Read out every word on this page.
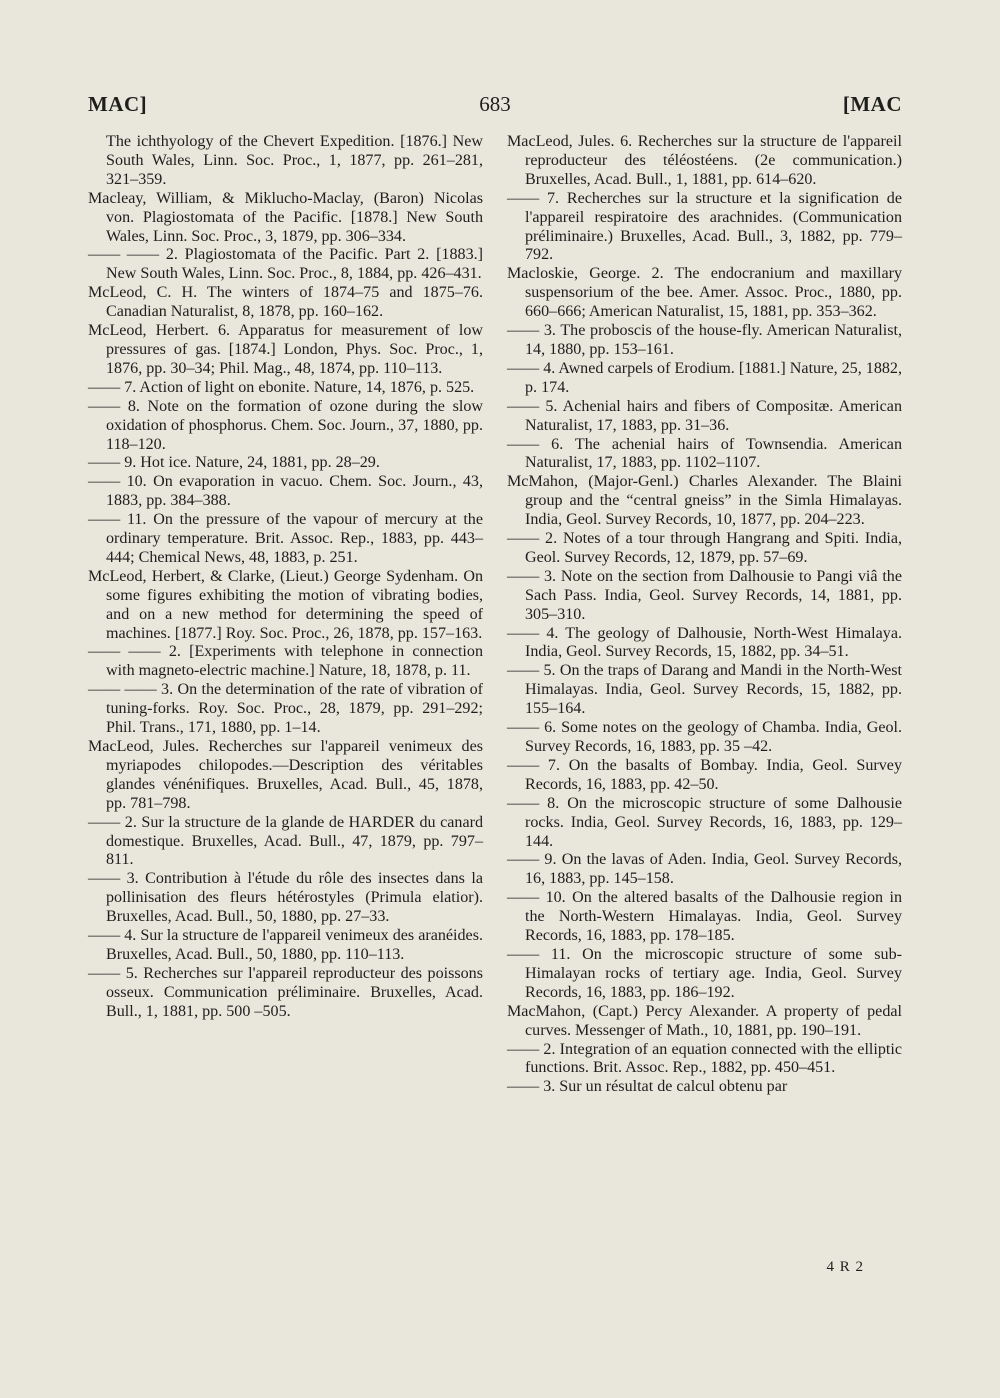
MAC]	683	[MAC

The ichthyology of the Chevert Expedition. [1876.] New South Wales, Linn. Soc. Proc., 1, 1877, pp. 261–281, 321–359.

Macleay, William, & Miklucho-Maclay, (Baron) Nicolas von. Plagiostomata of the Pacific. [1878.] New South Wales, Linn. Soc. Proc., 3, 1879, pp. 306–334.

—— —— 2. Plagiostomata of the Pacific. Part 2. [1883.] New South Wales, Linn. Soc. Proc., 8, 1884, pp. 426–431.

McLeod, C. H. The winters of 1874–75 and 1875–76. Canadian Naturalist, 8, 1878, pp. 160–162.

McLeod, Herbert. 6. Apparatus for measurement of low pressures of gas. [1874.] London, Phys. Soc. Proc., 1, 1876, pp. 30–34; Phil. Mag., 48, 1874, pp. 110–113.

—— 7. Action of light on ebonite. Nature, 14, 1876, p. 525.

—— 8. Note on the formation of ozone during the slow oxidation of phosphorus. Chem. Soc. Journ., 37, 1880, pp. 118–120.

—— 9. Hot ice. Nature, 24, 1881, pp. 28–29.

—— 10. On evaporation in vacuo. Chem. Soc. Journ., 43, 1883, pp. 384–388.

—— 11. On the pressure of the vapour of mercury at the ordinary temperature. Brit. Assoc. Rep., 1883, pp. 443–444; Chemical News, 48, 1883, p. 251.

McLeod, Herbert, & Clarke, (Lieut.) George Sydenham. On some figures exhibiting the motion of vibrating bodies, and on a new method for determining the speed of machines. [1877.] Roy. Soc. Proc., 26, 1878, pp. 157–163.

—— —— 2. [Experiments with telephone in connection with magneto-electric machine.] Nature, 18, 1878, p. 11.

—— —— 3. On the determination of the rate of vibration of tuning-forks. Roy. Soc. Proc., 28, 1879, pp. 291–292; Phil. Trans., 171, 1880, pp. 1–14.

MacLeod, Jules. Recherches sur l'appareil venimeux des myriapodes chilopodes.—Description des véritables glandes vénénifiques. Bruxelles, Acad. Bull., 45, 1878, pp. 781–798.

—— 2. Sur la structure de la glande de HARDER du canard domestique. Bruxelles, Acad. Bull., 47, 1879, pp. 797–811.

—— 3. Contribution à l'étude du rôle des insectes dans la pollinisation des fleurs hétérostyles (Primula elatior). Bruxelles, Acad. Bull., 50, 1880, pp. 27–33.

—— 4. Sur la structure de l'appareil venimeux des aranéides. Bruxelles, Acad. Bull., 50, 1880, pp. 110–113.

—— 5. Recherches sur l'appareil reproducteur des poissons osseux. Communication préliminaire. Bruxelles, Acad. Bull., 1, 1881, pp. 500 –505.

MacLeod, Jules. 6. Recherches sur la structure de l'appareil reproducteur des téléostéens. (2e communication.) Bruxelles, Acad. Bull., 1, 1881, pp. 614–620.

—— 7. Recherches sur la structure et la signification de l'appareil respiratoire des arachnides. (Communication préliminaire.) Bruxelles, Acad. Bull., 3, 1882, pp. 779–792.

Macloskie, George. 2. The endocranium and maxillary suspensorium of the bee. Amer. Assoc. Proc., 1880, pp. 660–666; American Naturalist, 15, 1881, pp. 353–362.

—— 3. The proboscis of the house-fly. American Naturalist, 14, 1880, pp. 153–161.

—— 4. Awned carpels of Erodium. [1881.] Nature, 25, 1882, p. 174.

—— 5. Achenial hairs and fibers of Compositæ. American Naturalist, 17, 1883, pp. 31–36.

—— 6. The achenial hairs of Townsendia. American Naturalist, 17, 1883, pp. 1102–1107.

McMahon, (Major-Genl.) Charles Alexander. The Blaini group and the “central gneiss” in the Simla Himalayas. India, Geol. Survey Records, 10, 1877, pp. 204–223.

—— 2. Notes of a tour through Hangrang and Spiti. India, Geol. Survey Records, 12, 1879, pp. 57–69.

—— 3. Note on the section from Dalhousie to Pangi viâ the Sach Pass. India, Geol. Survey Records, 14, 1881, pp. 305–310.

—— 4. The geology of Dalhousie, North-West Himalaya. India, Geol. Survey Records, 15, 1882, pp. 34–51.

—— 5. On the traps of Darang and Mandi in the North-West Himalayas. India, Geol. Survey Records, 15, 1882, pp. 155–164.

—— 6. Some notes on the geology of Chamba. India, Geol. Survey Records, 16, 1883, pp. 35 –42.

—— 7. On the basalts of Bombay. India, Geol. Survey Records, 16, 1883, pp. 42–50.

—— 8. On the microscopic structure of some Dalhousie rocks. India, Geol. Survey Records, 16, 1883, pp. 129–144.

—— 9. On the lavas of Aden. India, Geol. Survey Records, 16, 1883, pp. 145–158.

—— 10. On the altered basalts of the Dalhousie region in the North-Western Himalayas. India, Geol. Survey Records, 16, 1883, pp. 178–185.

—— 11. On the microscopic structure of some sub-Himalayan rocks of tertiary age. India, Geol. Survey Records, 16, 1883, pp. 186–192.

MacMahon, (Capt.) Percy Alexander. A property of pedal curves. Messenger of Math., 10, 1881, pp. 190–191.

—— 2. Integration of an equation connected with the elliptic functions. Brit. Assoc. Rep., 1882, pp. 450–451.

—— 3. Sur un résultat de calcul obtenu par

4 R 2
